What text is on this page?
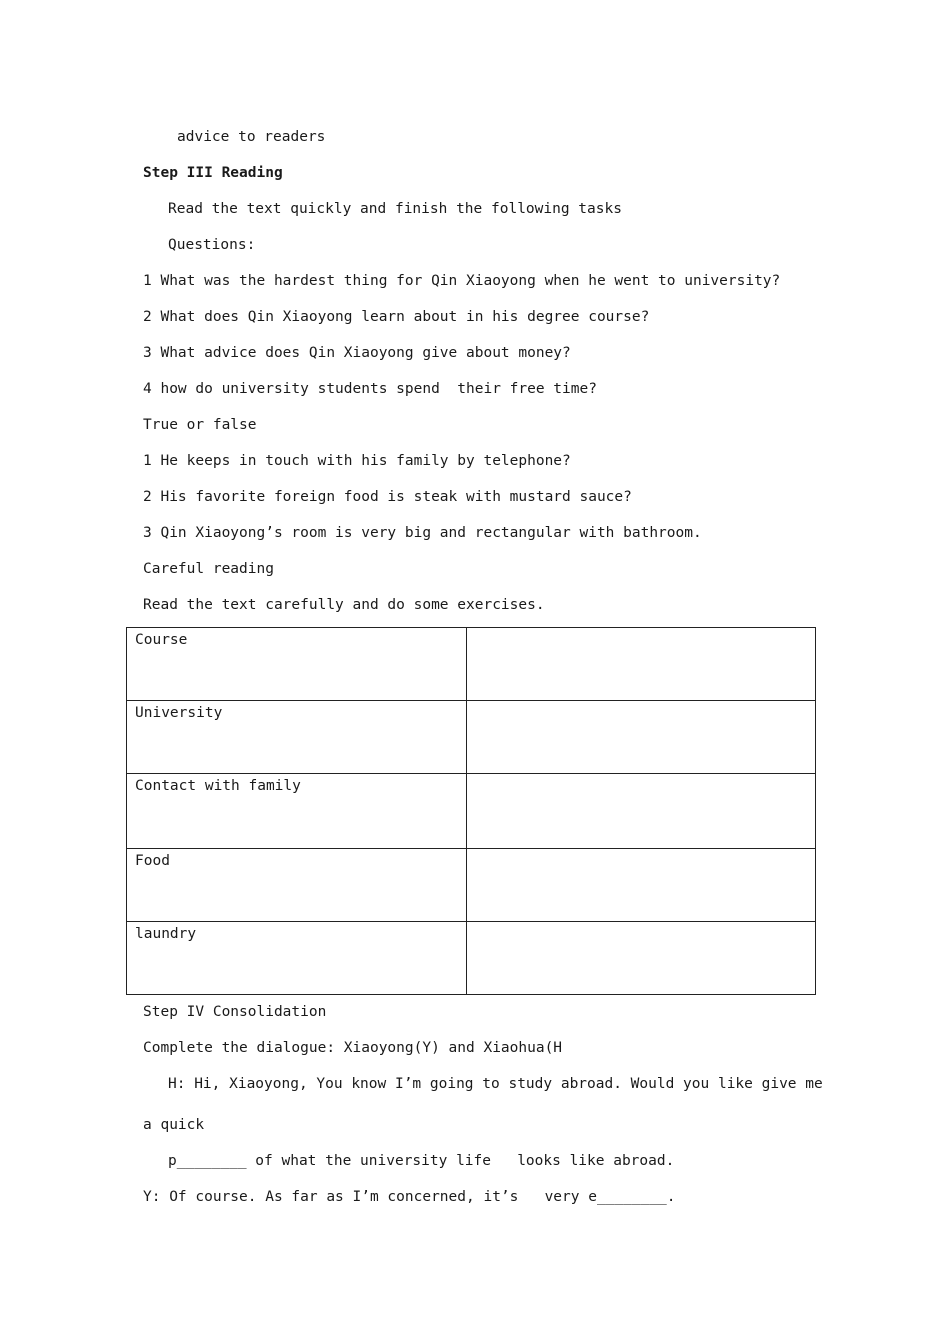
advice to readers
Step III Reading
Read the text quickly and finish the following tasks
Questions:
1 What was the hardest thing for Qin Xiaoyong when he went to university?
2 What does Qin Xiaoyong learn about in his degree course?
3 What advice does Qin Xiaoyong give about money?
4 how do university students spend  their free time?
True or false
1 He keeps in touch with his family by telephone?
2 His favorite foreign food is steak with mustard sauce?
3 Qin Xiaoyong’s room is very big and rectangular with bathroom.
Careful reading
Read the text carefully and do some exercises.
Course	
University	
Contact with family	
Food	
laundry	
Step IV Consolidation
Complete the dialogue: Xiaoyong(Y) and Xiaohua(H
H: Hi, Xiaoyong, You know I’m going to study abroad. Would you like give me
a quick
p________ of what the university life   looks like abroad.
Y: Of course. As far as I’m concerned, it’s   very e________.
